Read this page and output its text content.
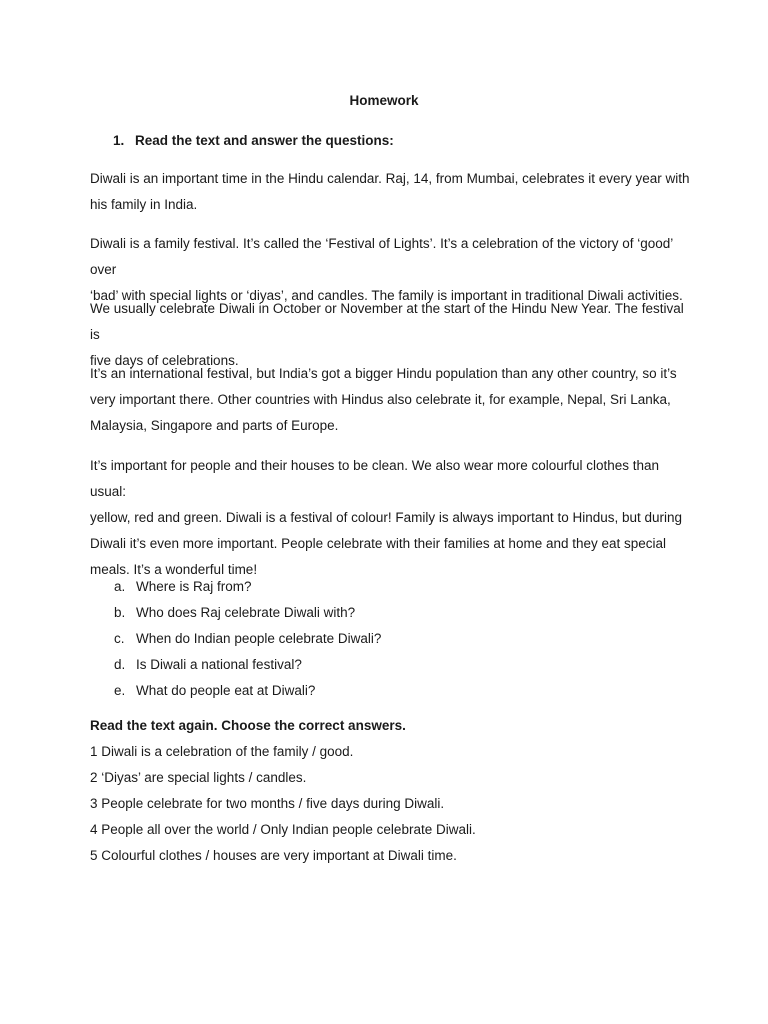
Homework
1. Read the text and answer the questions:

Diwali is an important time in the Hindu calendar. Raj, 14, from Mumbai, celebrates it every year with

his family in India.

Diwali is a family festival. It’s called the ‘Festival of Lights’. It’s a celebration of the victory of ‘good’ over

‘bad’ with special lights or ‘diyas’, and candles. The family is important in traditional Diwali activities.

We usually celebrate Diwali in October or November at the start of the Hindu New Year. The festival is

five days of celebrations.

It’s an international festival, but India’s got a bigger Hindu population than any other country, so it’s

very important there. Other countries with Hindus also celebrate it, for example, Nepal, Sri Lanka,

Malaysia, Singapore and parts of Europe.

It’s important for people and their houses to be clean. We also wear more colourful clothes than usual:

yellow, red and green. Diwali is a festival of colour! Family is always important to Hindus, but during

Diwali it’s even more important. People celebrate with their families at home and they eat special

meals. It’s a wonderful time!

a. Where is Raj from?
b. Who does Raj celebrate Diwali with?
c. When do Indian people celebrate Diwali?
d. Is Diwali a national festival?
e. What do people eat at Diwali?
Read the text again. Choose the correct answers.
1 Diwali is a celebration of the family / good.
2 ‘Diyas’ are special lights / candles.
3 People celebrate for two months / five days during Diwali.
4 People all over the world / Only Indian people celebrate Diwali.
5 Colourful clothes / houses are very important at Diwali time.
